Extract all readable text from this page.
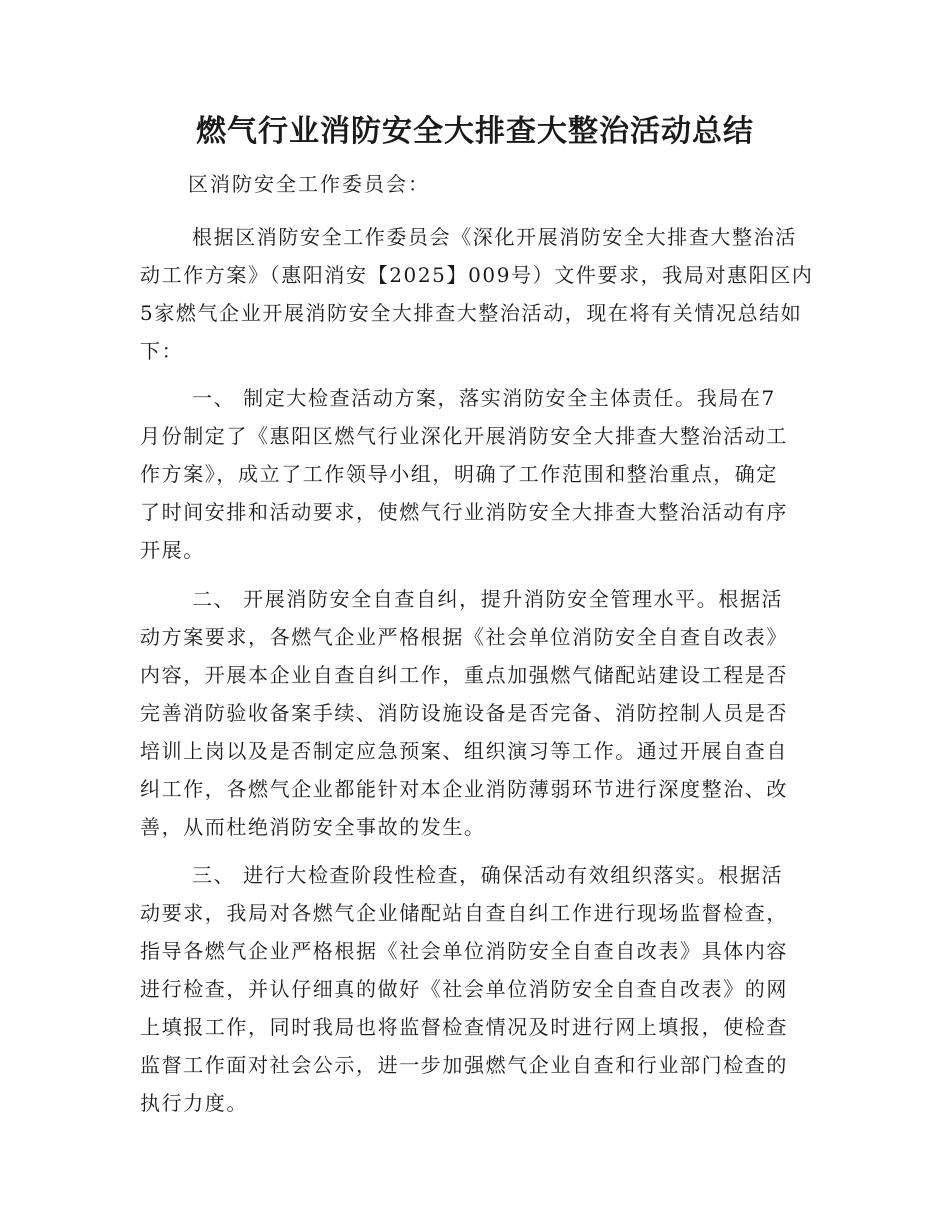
燃气行业消防安全大排查大整治活动总结

区消防安全工作委员会：

根据区消防安全工作委员会《深化开展消防安全大排查大整治活
动工作方案》（惠阳消安【2025】009号）文件要求，我局对惠阳区内
5家燃气企业开展消防安全大排查大整治活动，现在将有关情况总结如
下：
一、 制定大检查活动方案，落实消防安全主体责任。我局在7
月份制定了《惠阳区燃气行业深化开展消防安全大排查大整治活动工
作方案》，成立了工作领导小组，明确了工作范围和整治重点，确定
了时间安排和活动要求，使燃气行业消防安全大排查大整治活动有序
开展。
二、 开展消防安全自查自纠，提升消防安全管理水平。根据活
动方案要求，各燃气企业严格根据《社会单位消防安全自查自改表》
内容，开展本企业自查自纠工作，重点加强燃气储配站建设工程是否
完善消防验收备案手续、消防设施设备是否完备、消防控制人员是否
培训上岗以及是否制定应急预案、组织演习等工作。通过开展自查自
纠工作，各燃气企业都能针对本企业消防薄弱环节进行深度整治、改
善，从而杜绝消防安全事故的发生。
三、 进行大检查阶段性检查，确保活动有效组织落实。根据活
动要求，我局对各燃气企业储配站自查自纠工作进行现场监督检查，
指导各燃气企业严格根据《社会单位消防安全自查自改表》具体内容
进行检查，并认仔细真的做好《社会单位消防安全自查自改表》的网
上填报工作，同时我局也将监督检查情况及时进行网上填报，使检查
监督工作面对社会公示，进一步加强燃气企业自查和行业部门检查的
执行力度。
